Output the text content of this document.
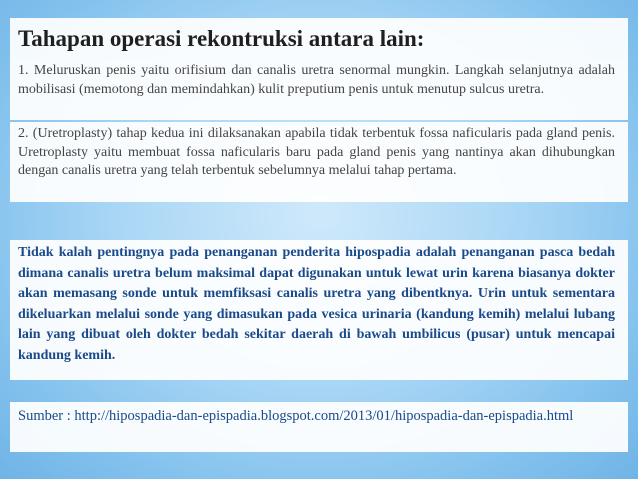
Tahapan operasi rekontruksi antara lain:

1. Meluruskan penis yaitu orifisium dan canalis uretra senormal mungkin. Langkah selanjutnya adalah mobilisasi (memotong dan memindahkan) kulit preputium penis untuk menutup sulcus uretra.

2. (Uretroplasty) tahap kedua ini dilaksanakan apabila tidak terbentuk fossa naficularis pada gland penis. Uretroplasty yaitu membuat fossa naficularis baru pada gland penis yang nantinya akan dihubungkan dengan canalis uretra yang telah terbentuk sebelumnya melalui tahap pertama.

Tidak kalah pentingnya pada penanganan penderita hipospadia adalah penanganan pasca bedah dimana canalis uretra belum maksimal dapat digunakan untuk lewat urin karena biasanya dokter akan memasang sonde untuk memfiksasi canalis uretra yang dibentknya. Urin untuk sementara dikeluarkan melalui sonde yang dimasukan pada vesica urinaria (kandung kemih) melalui lubang lain yang dibuat oleh dokter bedah sekitar daerah di bawah umbilicus (pusar) untuk mencapai kandung kemih.

Sumber : http://hipospadia-dan-epispadia.blogspot.com/2013/01/hipospadia-dan-epispadia.html
